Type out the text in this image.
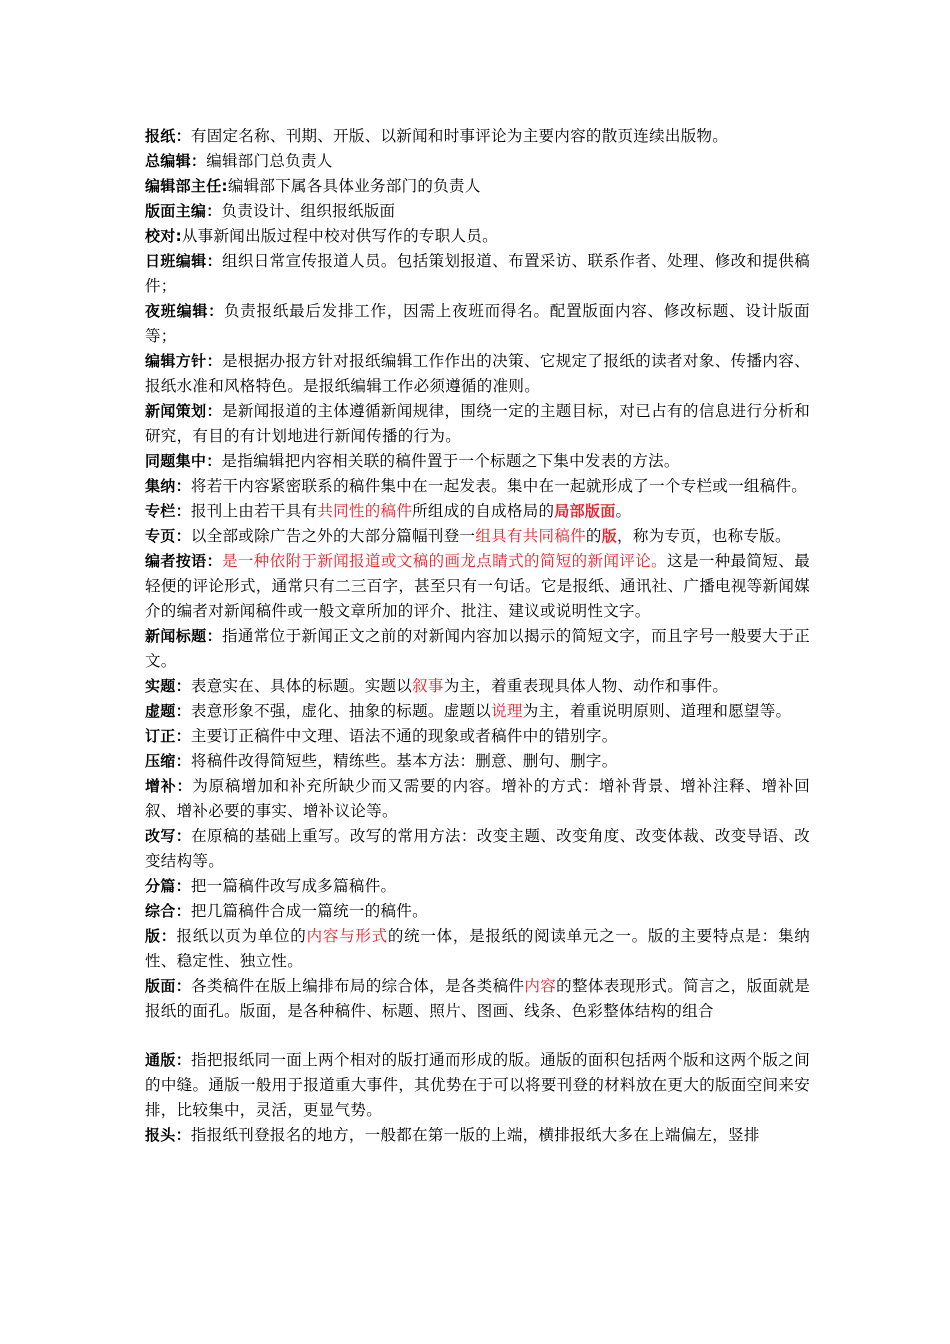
报纸：有固定名称、刊期、开版、以新闻和时事评论为主要内容的散页连续出版物。

总编辑：编辑部门总负责人

编辑部主任:编辑部下属各具体业务部门的负责人

版面主编：负责设计、组织报纸版面

校对:从事新闻出版过程中校对供写作的专职人员。

日班编辑：组织日常宣传报道人员。包括策划报道、布置采访、联系作者、处理、修改和提供稿件；

夜班编辑：负责报纸最后发排工作，因需上夜班而得名。配置版面内容、修改标题、设计版面等；

编辑方针：是根据办报方针对报纸编辑工作作出的决策、它规定了报纸的读者对象、传播内容、报纸水准和风格特色。是报纸编辑工作必须遵循的准则。

新闻策划：是新闻报道的主体遵循新闻规律，围绕一定的主题目标，对已占有的信息进行分析和研究，有目的有计划地进行新闻传播的行为。

同题集中：是指编辑把内容相关联的稿件置于一个标题之下集中发表的方法。

集纳：将若干内容紧密联系的稿件集中在一起发表。集中在一起就形成了一个专栏或一组稿件。

专栏：报刊上由若干具有共同性的稿件所组成的自成格局的局部版面。

专页：以全部或除广告之外的大部分篇幅刊登一组具有共同稿件的版，称为专页，也称专版。

编者按语：是一种依附于新闻报道或文稿的画龙点睛式的简短的新闻评论。这是一种最简短、最轻便的评论形式，通常只有二三百字，甚至只有一句话。它是报纸、通讯社、广播电视等新闻媒介的编者对新闻稿件或一般文章所加的评介、批注、建议或说明性文字。

新闻标题：指通常位于新闻正文之前的对新闻内容加以揭示的简短文字，而且字号一般要大于正文。

实题：表意实在、具体的标题。实题以叙事为主，着重表现具体人物、动作和事件。

虚题：表意形象不强，虚化、抽象的标题。虚题以说理为主，着重说明原则、道理和愿望等。

订正：主要订正稿件中文理、语法不通的现象或者稿件中的错别字。

压缩：将稿件改得简短些，精练些。基本方法：删意、删句、删字。

增补：为原稿增加和补充所缺少而又需要的内容。增补的方式：增补背景、增补注释、增补回叙、增补必要的事实、增补议论等。

改写：在原稿的基础上重写。改写的常用方法：改变主题、改变角度、改变体裁、改变导语、改变结构等。

分篇：把一篇稿件改写成多篇稿件。

综合：把几篇稿件合成一篇统一的稿件。

版：报纸以页为单位的内容与形式的统一体，是报纸的阅读单元之一。版的主要特点是：集纳性、稳定性、独立性。

版面：各类稿件在版上编排布局的综合体，是各类稿件内容的整体表现形式。简言之，版面就是报纸的面孔。版面，是各种稿件、标题、照片、图画、线条、色彩整体结构的组合

通版：指把报纸同一面上两个相对的版打通而形成的版。通版的面积包括两个版和这两个版之间的中缝。通版一般用于报道重大事件，其优势在于可以将要刊登的材料放在更大的版面空间来安排，比较集中，灵活，更显气势。

报头：指报纸刊登报名的地方，一般都在第一版的上端，横排报纸大多在上端偏左，竖排
